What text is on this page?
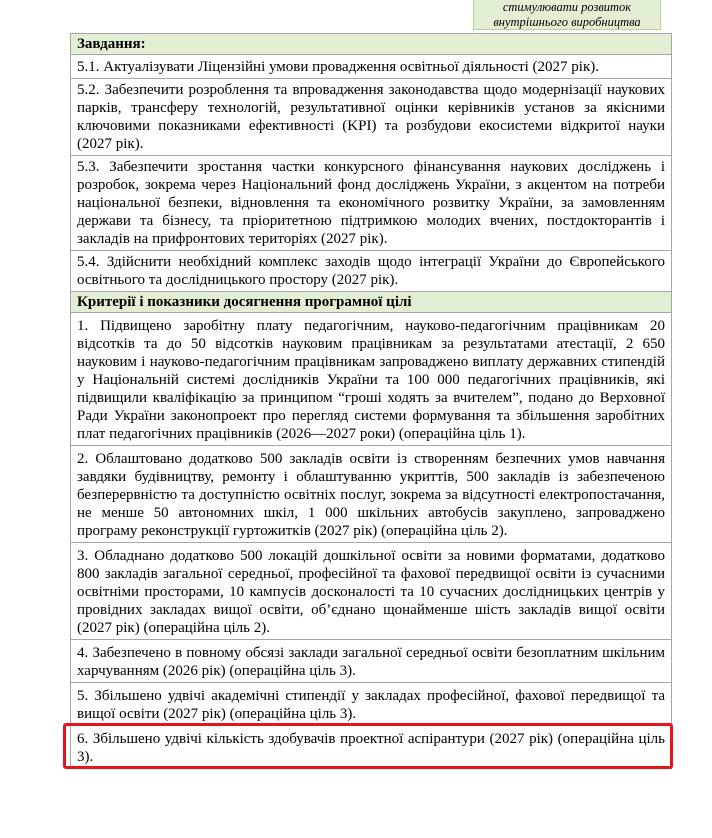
стимулювати розвиток
внутрішнього виробництва
Завдання:
5.1. Актуалізувати Ліцензійні умови провадження освітньої діяльності (2027 рік).
5.2. Забезпечити розроблення та впровадження законодавства щодо модернізації наукових парків, трансферу технологій, результативної оцінки керівників установ за якісними ключовими показниками ефективності (KPI) та розбудови екосистеми відкритої науки (2027 рік).
5.3. Забезпечити зростання частки конкурсного фінансування наукових досліджень і розробок, зокрема через Національний фонд досліджень України, з акцентом на потреби національної безпеки, відновлення та економічного розвитку України, за замовленням держави та бізнесу, та пріоритетною підтримкою молодих вчених, постдокторантів і закладів на прифронтових територіях (2027 рік).
5.4. Здійснити необхідний комплекс заходів щодо інтеграції України до Європейського освітнього та дослідницького простору (2027 рік).
Критерії і показники досягнення програмної цілі
1. Підвищено заробітну плату педагогічним, науково-педагогічним працівникам 20 відсотків та до 50 відсотків науковим працівникам за результатами атестації, 2 650 науковим і науково-педагогічним працівникам запроваджено виплату державних стипендій у Національній системі дослідників України та 100 000 педагогічних працівників, які підвищили кваліфікацію за принципом “гроші ходять за вчителем”, подано до Верховної Ради України законопроект про перегляд системи формування та збільшення заробітних плат педагогічних працівників (2026—2027 роки) (операційна ціль 1).
2. Облаштовано додатково 500 закладів освіти із створенням безпечних умов навчання завдяки будівництву, ремонту і облаштуванню укриттів, 500 закладів із забезпеченою безперервністю та доступністю освітніх послуг, зокрема за відсутності електропостачання, не менше 50 автономних шкіл, 1 000 шкільних автобусів закуплено, запроваджено програму реконструкції гуртожитків (2027 рік) (операційна ціль 2).
3. Обладнано додатково 500 локацій дошкільної освіти за новими форматами, додатково 800 закладів загальної середньої, професійної та фахової передвищої освіти із сучасними освітніми просторами, 10 кампусів досконалості та 10 сучасних дослідницьких центрів у провідних закладах вищої освіти, об’єднано щонайменше шість закладів вищої освіти (2027 рік) (операційна ціль 2).
4. Забезпечено в повному обсязі заклади загальної середньої освіти безоплатним шкільним харчуванням (2026 рік) (операційна ціль 3).
5. Збільшено удвічі академічні стипендії у закладах професійної, фахової передвищої та вищої освіти (2027 рік) (операційна ціль 3).
6. Збільшено удвічі кількість здобувачів проектної аспірантури (2027 рік) (операційна ціль 3).
